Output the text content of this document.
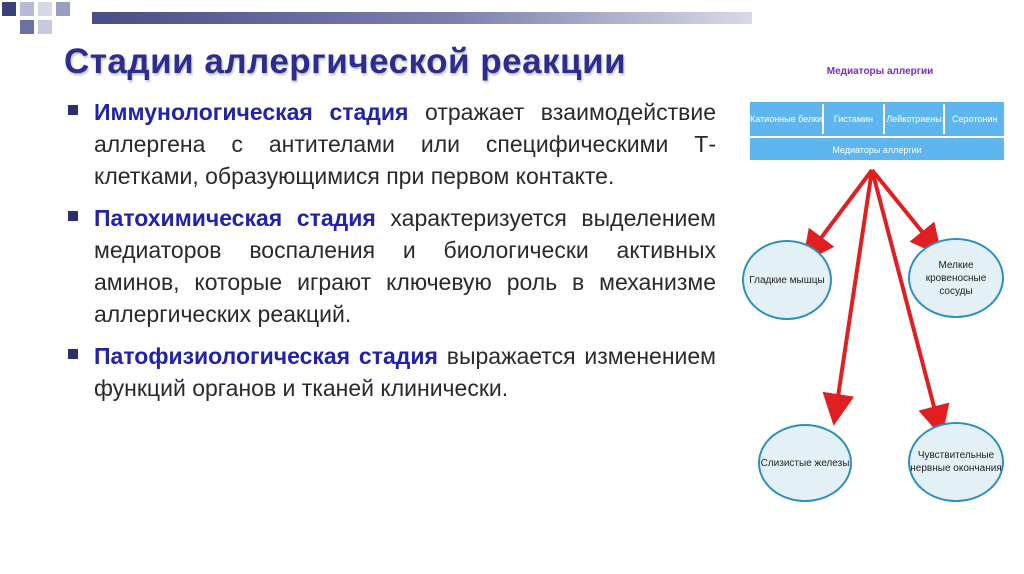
Стадии аллергической реакции

Иммунологическая стадия отражает взаимодействие аллергена с антителами или специфическими Т-клетками, образующимися при первом контакте.

Патохимическая стадия характеризуется выделением медиаторов воспаления и биологически активных аминов, которые играют ключевую роль в механизме аллергических реакций.

Патофизиологическая стадия выражается изменением функций органов и тканей клинически.

Медиаторы аллергии
Катионные белки	Гистамин	Лейкотриены	Серотонин
Медиаторы аллергии
Гладкие мышцы
Мелкие кровеносные сосуды
Слизистые железы
Чувствительные нервные окончания
